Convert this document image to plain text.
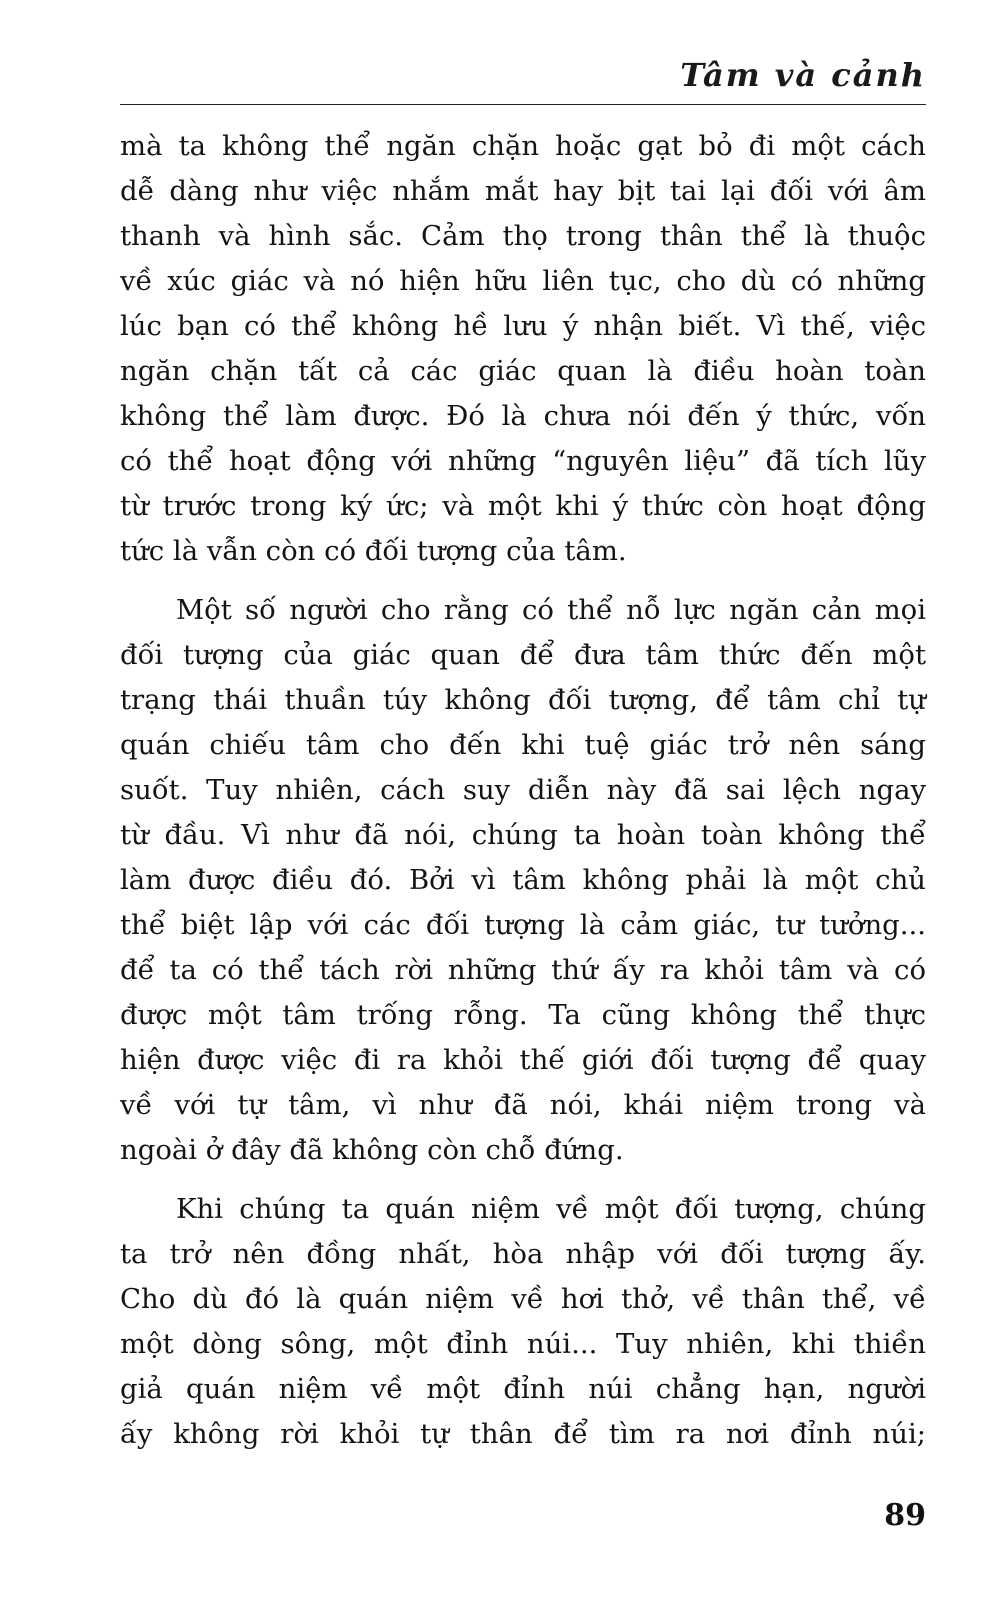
Tâm và cảnh

mà ta không thể ngăn chặn hoặc gạt bỏ đi một cách
dễ dàng như việc nhắm mắt hay bịt tai lại đối với âm
thanh và hình sắc. Cảm thọ trong thân thể là thuộc
về xúc giác và nó hiện hữu liên tục, cho dù có những
lúc bạn có thể không hề lưu ý nhận biết. Vì thế, việc
ngăn chặn tất cả các giác quan là điều hoàn toàn
không thể làm được. Đó là chưa nói đến ý thức, vốn
có thể hoạt động với những “nguyên liệu” đã tích lũy
từ trước trong ký ức; và một khi ý thức còn hoạt động
tức là vẫn còn có đối tượng của tâm.

Một số người cho rằng có thể nỗ lực ngăn cản mọi
đối tượng của giác quan để đưa tâm thức đến một
trạng thái thuần túy không đối tượng, để tâm chỉ tự
quán chiếu tâm cho đến khi tuệ giác trở nên sáng
suốt. Tuy nhiên, cách suy diễn này đã sai lệch ngay
từ đầu. Vì như đã nói, chúng ta hoàn toàn không thể
làm được điều đó. Bởi vì tâm không phải là một chủ
thể biệt lập với các đối tượng là cảm giác, tư tưởng...
để ta có thể tách rời những thứ ấy ra khỏi tâm và có
được một tâm trống rỗng. Ta cũng không thể thực
hiện được việc đi ra khỏi thế giới đối tượng để quay
về với tự tâm, vì như đã nói, khái niệm trong và
ngoài ở đây đã không còn chỗ đứng.

Khi chúng ta quán niệm về một đối tượng, chúng
ta trở nên đồng nhất, hòa nhập với đối tượng ấy.
Cho dù đó là quán niệm về hơi thở, về thân thể, về
một dòng sông, một đỉnh núi... Tuy nhiên, khi thiền
giả quán niệm về một đỉnh núi chẳng hạn, người
ấy không rời khỏi tự thân để tìm ra nơi đỉnh núi;

89
